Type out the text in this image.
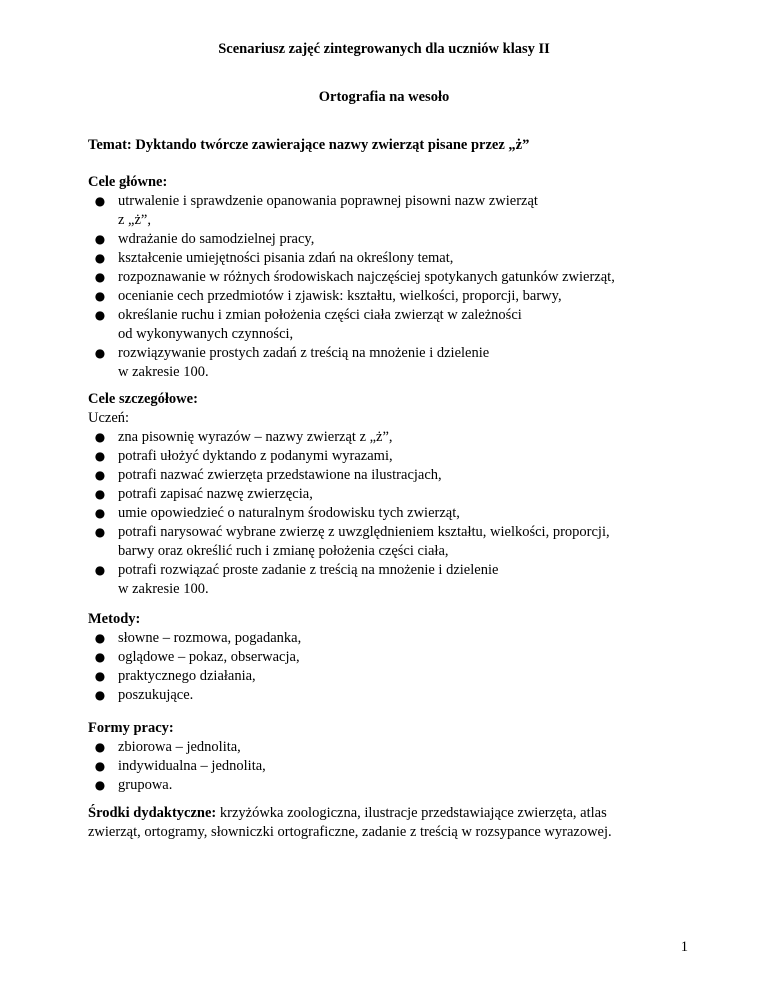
Scenariusz zajęć zintegrowanych dla uczniów klasy II
Ortografia na wesoło
Temat: Dyktando twórcze zawierające nazwy zwierząt pisane przez „ż”

Cele główne:

● utrwalenie i sprawdzenie opanowania poprawnej pisowni nazw zwierząt
z „ż”,
● wdrażanie do samodzielnej pracy,
● kształcenie umiejętności pisania zdań na określony temat,
● rozpoznawanie w różnych środowiskach najczęściej spotykanych gatunków zwierząt,
● ocenianie cech przedmiotów i zjawisk: kształtu, wielkości, proporcji, barwy,
● określanie ruchu i zmian położenia części ciała zwierząt w zależności
od wykonywanych czynności,
● rozwiązywanie prostych zadań z treścią na mnożenie i dzielenie
w zakresie 100.

Cele szczegółowe:

Uczeń:

● zna pisownię wyrazów – nazwy zwierząt z „ż”,
● potrafi ułożyć dyktando z podanymi wyrazami,
● potrafi nazwać zwierzęta przedstawione na ilustracjach,
● potrafi zapisać nazwę zwierzęcia,
● umie opowiedzieć o naturalnym środowisku tych zwierząt,
● potrafi narysować wybrane zwierzę z uwzględnieniem kształtu, wielkości, proporcji,
barwy oraz określić ruch i zmianę położenia części ciała,
● potrafi rozwiązać proste zadanie z treścią na mnożenie i dzielenie
w zakresie 100.

Metody:

● słowne – rozmowa, pogadanka,
● oglądowe – pokaz, obserwacja,
● praktycznego działania,
● poszukujące.

Formy pracy:

● zbiorowa – jednolita,
● indywidualna – jednolita,
● grupowa.
Środki dydaktyczne: krzyżówka zoologiczna, ilustracje przedstawiające zwierzęta, atlas
zwierząt, ortogramy, słowniczki ortograficzne, zadanie z treścią w rozsypance wyrazowej.
1
